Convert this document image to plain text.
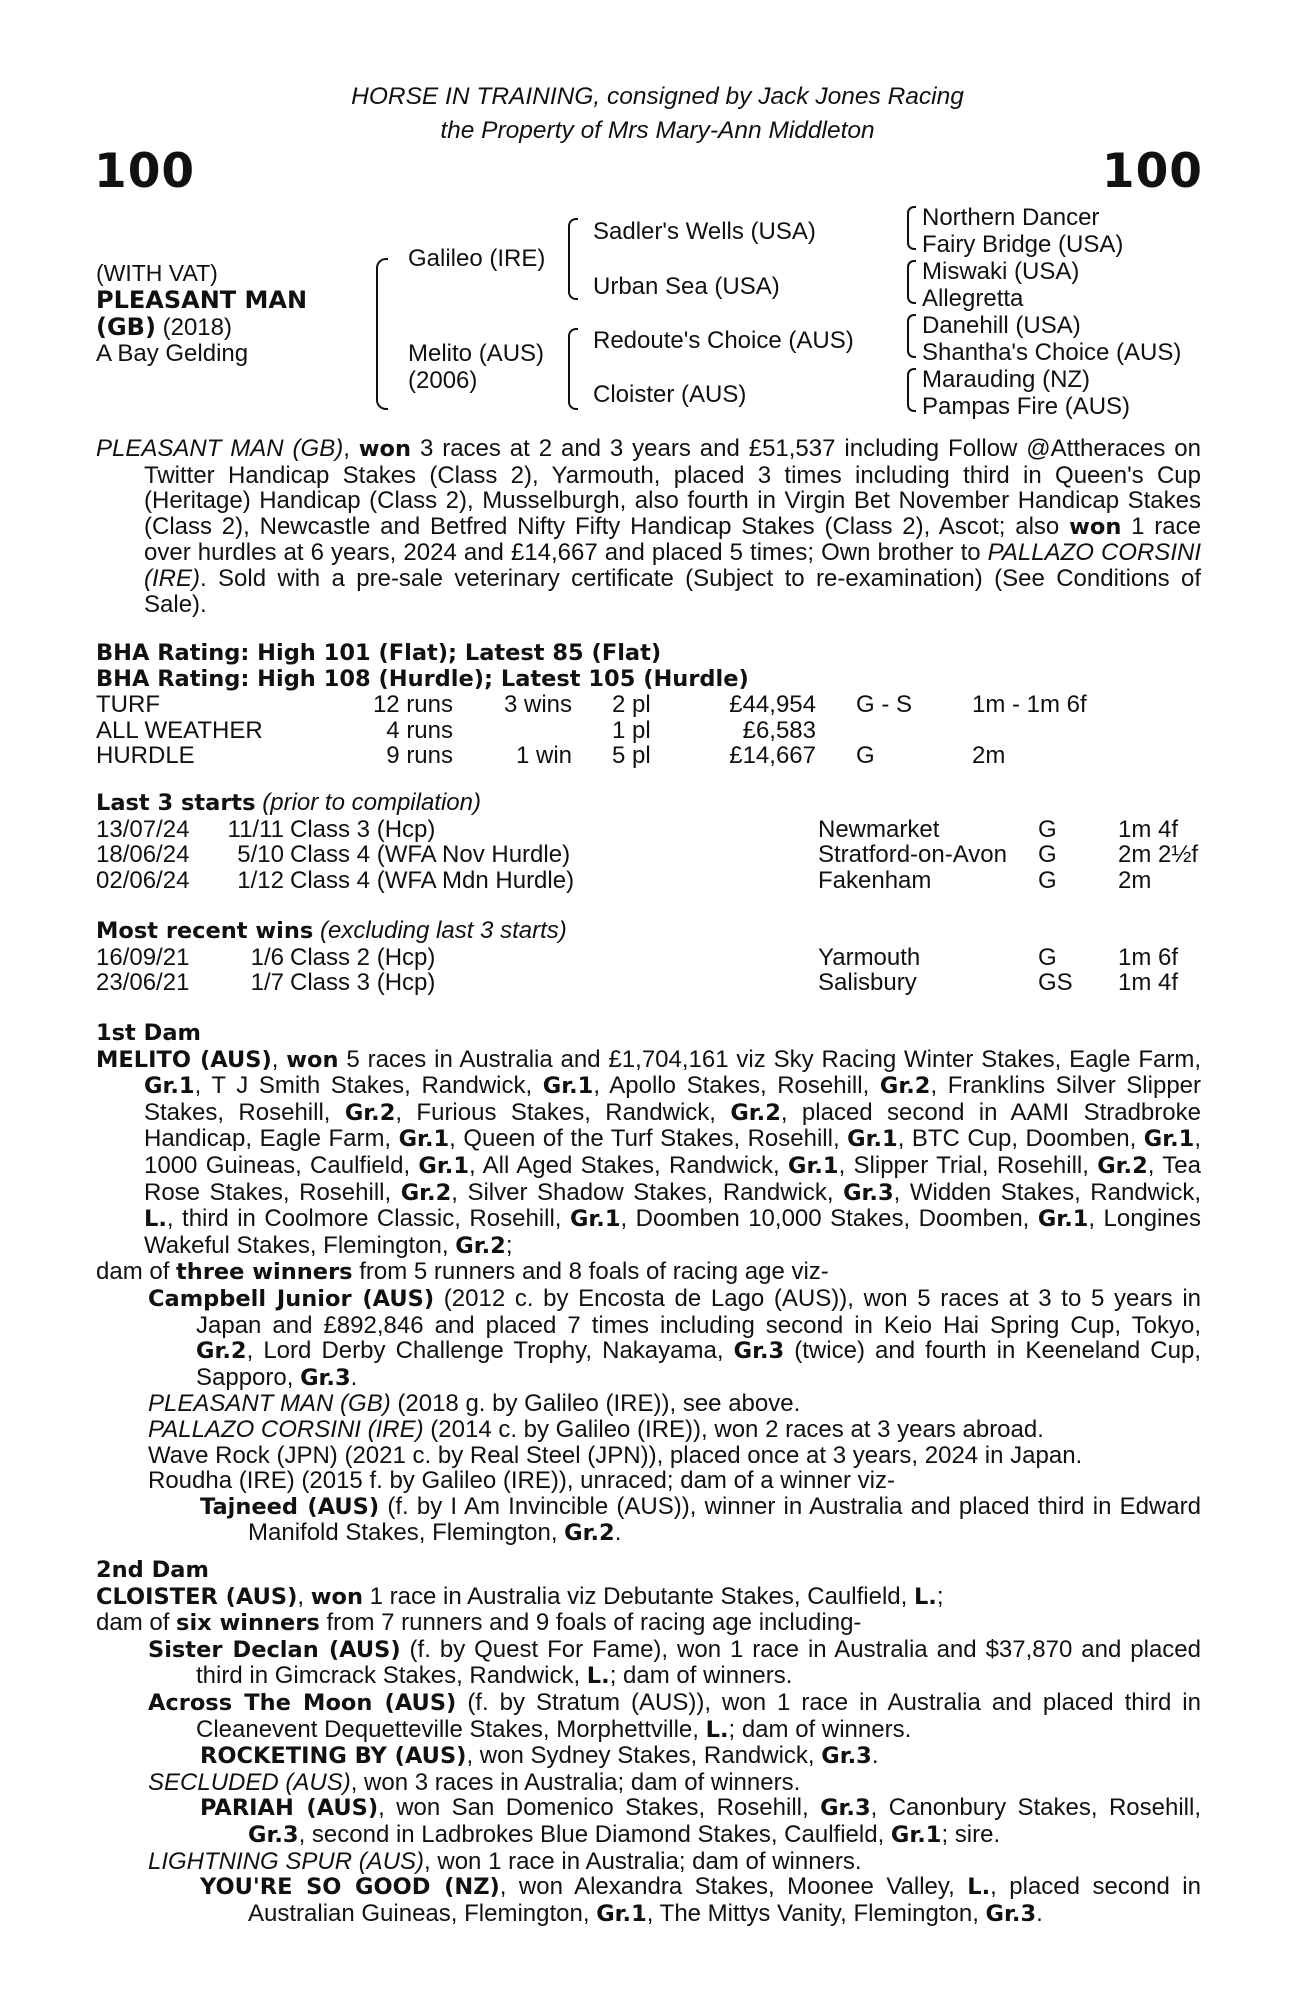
HORSE IN TRAINING, consigned by Jack Jones Racing
the Property of Mrs Mary-Ann Middleton
100	100
(WITH VAT)
PLEASANT MAN
(GB) (2018)
A Bay Gelding
Galileo (IRE)
Melito (AUS)
(2006)
Sadler's Wells (USA)
Urban Sea (USA)
Redoute's Choice (AUS)
Cloister (AUS)
Northern Dancer
Fairy Bridge (USA)
Miswaki (USA)
Allegretta
Danehill (USA)
Shantha's Choice (AUS)
Marauding (NZ)
Pampas Fire (AUS)

PLEASANT MAN (GB), won 3 races at 2 and 3 years and £51,537 including Follow @Attheraces on Twitter Handicap Stakes (Class 2), Yarmouth, placed 3 times including third in Queen's Cup (Heritage) Handicap (Class 2), Musselburgh, also fourth in Virgin Bet November Handicap Stakes (Class 2), Newcastle and Betfred Nifty Fifty Handicap Stakes (Class 2), Ascot; also won 1 race over hurdles at 6 years, 2024 and £14,667 and placed 5 times; Own brother to PALLAZO CORSINI (IRE). Sold with a pre-sale veterinary certificate (Subject to re-examination) (See Conditions of Sale).

BHA Rating: High 101 (Flat); Latest 85 (Flat)
BHA Rating: High 108 (Hurdle); Latest 105 (Hurdle)
TURF	12 runs 3 wins 2 pl	£44,954 G - S 1m - 1m 6f
ALL WEATHER	4 runs	1 pl	£6,583
HURDLE	9 runs	1 win 5 pl	£14,667 G	2m
Last 3 starts (prior to compilation)
13/07/24 11/11 Class 3 (Hcp)	Newmarket	G	1m 4f
18/06/24 5/10 Class 4 (WFA Nov Hurdle)	Stratford-on-Avon G	2m 2½f
02/06/24 1/12 Class 4 (WFA Mdn Hurdle)	Fakenham	G	2m
Most recent wins (excluding last 3 starts)
16/09/21	1/6 Class 2 (Hcp)	Yarmouth	G	1m 6f
23/06/21	1/7 Class 3 (Hcp)	Salisbury	GS 1m 4f
1st Dam

MELITO (AUS), won 5 races in Australia and £1,704,161 viz Sky Racing Winter Stakes, Eagle Farm, Gr.1, T J Smith Stakes, Randwick, Gr.1, Apollo Stakes, Rosehill, Gr.2, Franklins Silver Slipper Stakes, Rosehill, Gr.2, Furious Stakes, Randwick, Gr.2, placed second in AAMI Stradbroke Handicap, Eagle Farm, Gr.1, Queen of the Turf Stakes, Rosehill, Gr.1, BTC Cup, Doomben, Gr.1, 1000 Guineas, Caulfield, Gr.1, All Aged Stakes, Randwick, Gr.1, Slipper Trial, Rosehill, Gr.2, Tea Rose Stakes, Rosehill, Gr.2, Silver Shadow Stakes, Randwick, Gr.3, Widden Stakes, Randwick, L., third in Coolmore Classic, Rosehill, Gr.1, Doomben 10,000 Stakes, Doomben, Gr.1, Longines Wakeful Stakes, Flemington, Gr.2;

dam of three winners from 5 runners and 8 foals of racing age viz-

Campbell Junior (AUS) (2012 c. by Encosta de Lago (AUS)), won 5 races at 3 to 5 years in Japan and £892,846 and placed 7 times including second in Keio Hai Spring Cup, Tokyo, Gr.2, Lord Derby Challenge Trophy, Nakayama, Gr.3 (twice) and fourth in Keeneland Cup, Sapporo, Gr.3.

PLEASANT MAN (GB) (2018 g. by Galileo (IRE)), see above.

PALLAZO CORSINI (IRE) (2014 c. by Galileo (IRE)), won 2 races at 3 years abroad.

Wave Rock (JPN) (2021 c. by Real Steel (JPN)), placed once at 3 years, 2024 in Japan.

Roudha (IRE) (2015 f. by Galileo (IRE)), unraced; dam of a winner viz-

Tajneed (AUS) (f. by I Am Invincible (AUS)), winner in Australia and placed third in Edward Manifold Stakes, Flemington, Gr.2.

2nd Dam

CLOISTER (AUS), won 1 race in Australia viz Debutante Stakes, Caulfield, L.;

dam of six winners from 7 runners and 9 foals of racing age including-

Sister Declan (AUS) (f. by Quest For Fame), won 1 race in Australia and $37,870 and placed third in Gimcrack Stakes, Randwick, L.; dam of winners.

Across The Moon (AUS) (f. by Stratum (AUS)), won 1 race in Australia and placed third in Cleanevent Dequetteville Stakes, Morphettville, L.; dam of winners.

ROCKETING BY (AUS), won Sydney Stakes, Randwick, Gr.3.

SECLUDED (AUS), won 3 races in Australia; dam of winners.

PARIAH (AUS), won San Domenico Stakes, Rosehill, Gr.3, Canonbury Stakes, Rosehill, Gr.3, second in Ladbrokes Blue Diamond Stakes, Caulfield, Gr.1; sire.

LIGHTNING SPUR (AUS), won 1 race in Australia; dam of winners.

YOU'RE SO GOOD (NZ), won Alexandra Stakes, Moonee Valley, L., placed second in Australian Guineas, Flemington, Gr.1, The Mittys Vanity, Flemington, Gr.3.
